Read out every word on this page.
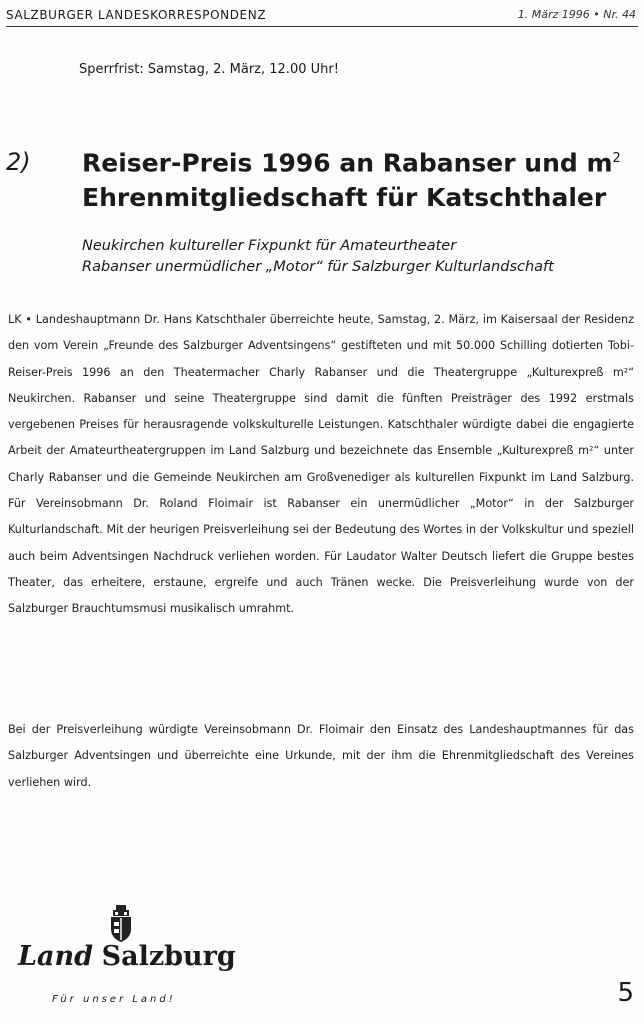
SALZBURGER LANDESKORRESPONDENZ	1. März 1996 • Nr. 44
Sperrfrist: Samstag, 2. März, 12.00 Uhr!
2) Reiser-Preis 1996 an Rabanser und $m^2$
Ehrenmitgliedschaft für Katschthaler
Neukirchen kultureller Fixpunkt für Amateurtheater
Rabanser unermüdlicher „Motor“ für Salzburger Kulturlandschaft

LK • Landeshauptmann Dr. Hans Katschthaler überreichte heute, Samstag, 2. März, im Kaisersaal der Residenz den vom Verein „Freunde des Salzburger Adventsingens“ gestifteten und mit 50.000 Schilling dotierten Tobi-Reiser-Preis 1996 an den Theatermacher Charly Rabanser und die Theatergruppe „Kulturexpreß m²“ Neukirchen. Rabanser und seine Theatergruppe sind damit die fünften Preisträger des 1992 erstmals vergebenen Preises für herausragende volkskulturelle Leistungen. Katschthaler würdigte dabei die engagierte Arbeit der Amateurtheatergruppen im Land Salzburg und bezeichnete das Ensemble „Kulturexpreß m²“ unter Charly Rabanser und die Gemeinde Neukirchen am Großvenediger als kulturellen Fixpunkt im Land Salzburg. Für Vereinsobmann Dr. Roland Floimair ist Rabanser ein unermüdlicher „Motor“ in der Salzburger Kulturlandschaft. Mit der heurigen Preisverleihung sei der Bedeutung des Wortes in der Volkskultur und speziell auch beim Adventsingen Nachdruck verliehen worden. Für Laudator Walter Deutsch liefert die Gruppe bestes Theater, das erheitere, erstaune, ergreife und auch Tränen wecke. Die Preisverleihung wurde von der Salzburger Brauchtumsmusi musikalisch umrahmt.

Bei der Preisverleihung würdigte Vereinsobmann Dr. Floimair den Einsatz des Landeshauptmannes für das Salzburger Adventsingen und überreichte eine Urkunde, mit der ihm die Ehrenmitgliedschaft des Vereines verliehen wird.

Land Salzburg
Für unser Land!	5
